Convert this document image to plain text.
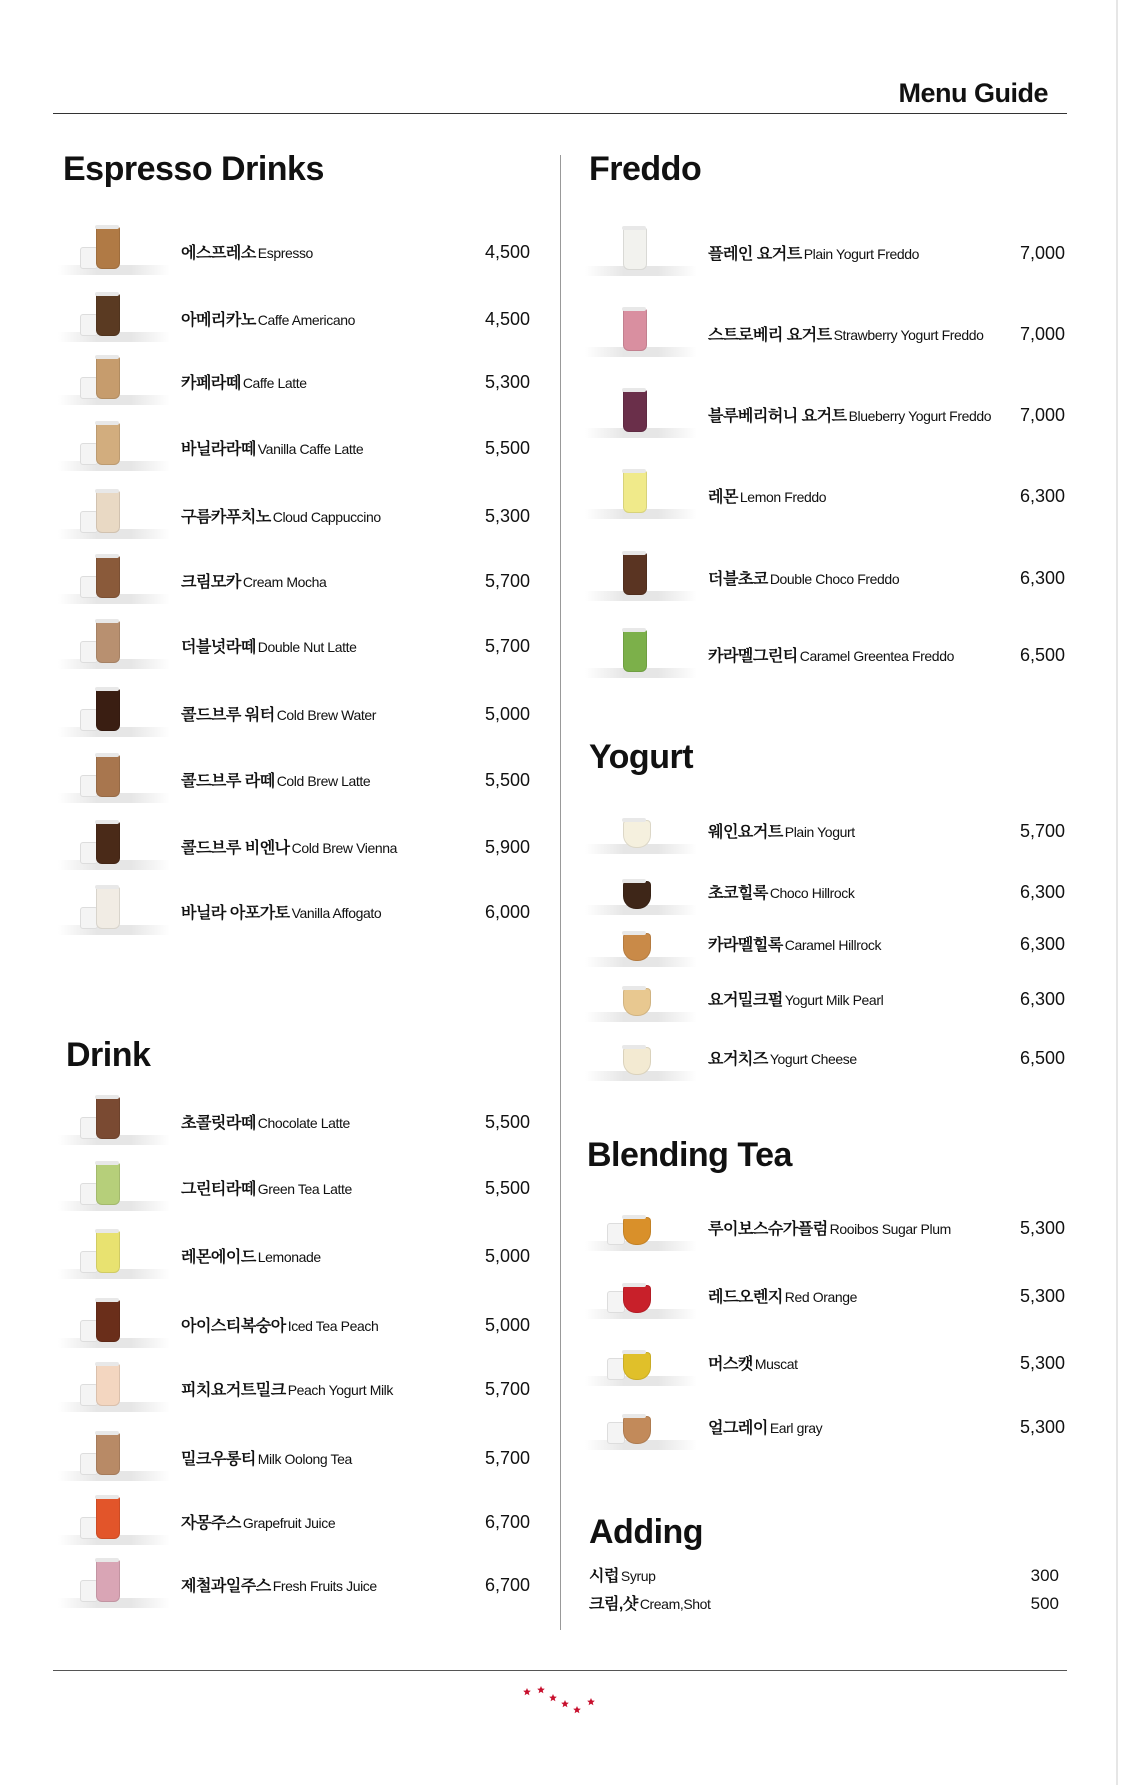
Menu Guide
Espresso Drinks
에스프레소 Espresso	4,500
아메리카노 Caffe Americano	4,500
카페라떼 Caffe Latte	5,300
바닐라라떼 Vanilla Caffe Latte	5,500
구름카푸치노 Cloud Cappuccino	5,300
크림모카 Cream Mocha	5,700
더블넛라떼 Double Nut Latte	5,700
콜드브루 워터 Cold Brew Water	5,000
콜드브루 라떼 Cold Brew Latte	5,500
콜드브루 비엔나 Cold Brew Vienna	5,900
바닐라 아포가토 Vanilla Affogato	6,000
Drink
초콜릿라떼 Chocolate Latte	5,500
그린티라떼 Green Tea Latte	5,500
레몬에이드 Lemonade	5,000
아이스티복숭아 Iced Tea Peach	5,000
피치요거트밀크 Peach Yogurt Milk	5,700
밀크우롱티 Milk Oolong Tea	5,700
자몽주스 Grapefruit Juice	6,700
제철과일주스 Fresh Fruits Juice	6,700
Freddo
플레인 요거트 Plain Yogurt Freddo	7,000
스트로베리 요거트 Strawberry Yogurt Freddo 7,000
블루베리허니 요거트 Blueberry Yogurt Freddo 7,000
레몬 Lemon Freddo	6,300
더블초코 Double Choco Freddo	6,300
카라멜그린티 Caramel Greentea Freddo	6,500
Yogurt
웨인요거트 Plain Yogurt	5,700
초코힐록 Choco Hillrock	6,300
카라멜힐록 Caramel Hillrock	6,300
요거밀크펄 Yogurt Milk Pearl	6,300
요거치즈 Yogurt Cheese	6,500
Blending Tea
루이보스슈가플럼 Rooibos Sugar Plum	5,300
레드오렌지 Red Orange	5,300
머스캣 Muscat	5,300
얼그레이 Earl gray	5,300
Adding
시럽 Syrup	300
크림,샷 Cream,Shot	500
